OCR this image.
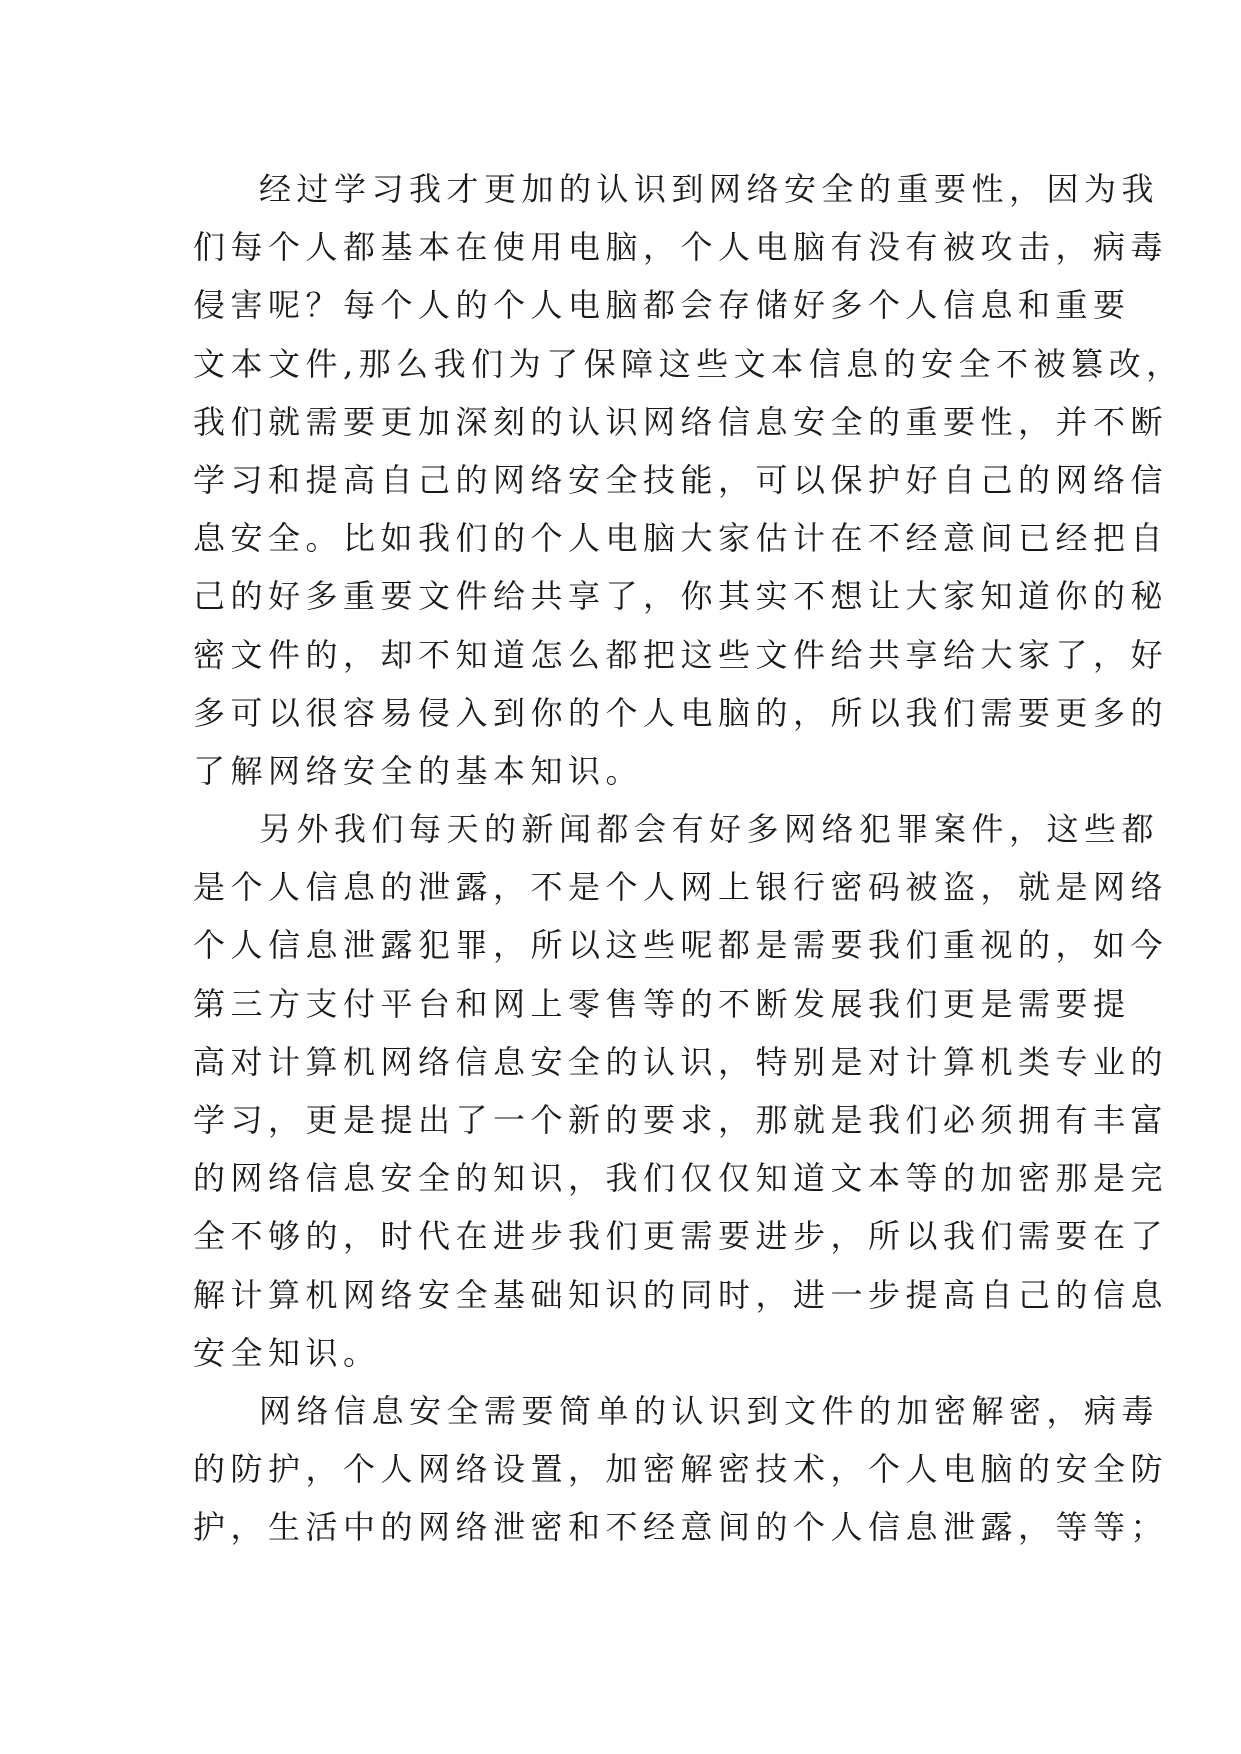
经过学习我才更加的认识到网络安全的重要性，因为我
们每个人都基本在使用电脑，个人电脑有没有被攻击，病毒
侵害呢？每个人的个人电脑都会存储好多个人信息和重要
文本文件,那么我们为了保障这些文本信息的安全不被篡改，
我们就需要更加深刻的认识网络信息安全的重要性，并不断
学习和提高自己的网络安全技能，可以保护好自己的网络信
息安全。比如我们的个人电脑大家估计在不经意间已经把自
己的好多重要文件给共享了，你其实不想让大家知道你的秘
密文件的，却不知道怎么都把这些文件给共享给大家了，好
多可以很容易侵入到你的个人电脑的，所以我们需要更多的
了解网络安全的基本知识。
另外我们每天的新闻都会有好多网络犯罪案件，这些都
是个人信息的泄露，不是个人网上银行密码被盗，就是网络
个人信息泄露犯罪，所以这些呢都是需要我们重视的，如今
第三方支付平台和网上零售等的不断发展我们更是需要提
高对计算机网络信息安全的认识，特别是对计算机类专业的
学习，更是提出了一个新的要求，那就是我们必须拥有丰富
的网络信息安全的知识，我们仅仅知道文本等的加密那是完
全不够的，时代在进步我们更需要进步，所以我们需要在了
解计算机网络安全基础知识的同时，进一步提高自己的信息
安全知识。
网络信息安全需要简单的认识到文件的加密解密，病毒
的防护，个人网络设置，加密解密技术，个人电脑的安全防
护，生活中的网络泄密和不经意间的个人信息泄露，等等；
